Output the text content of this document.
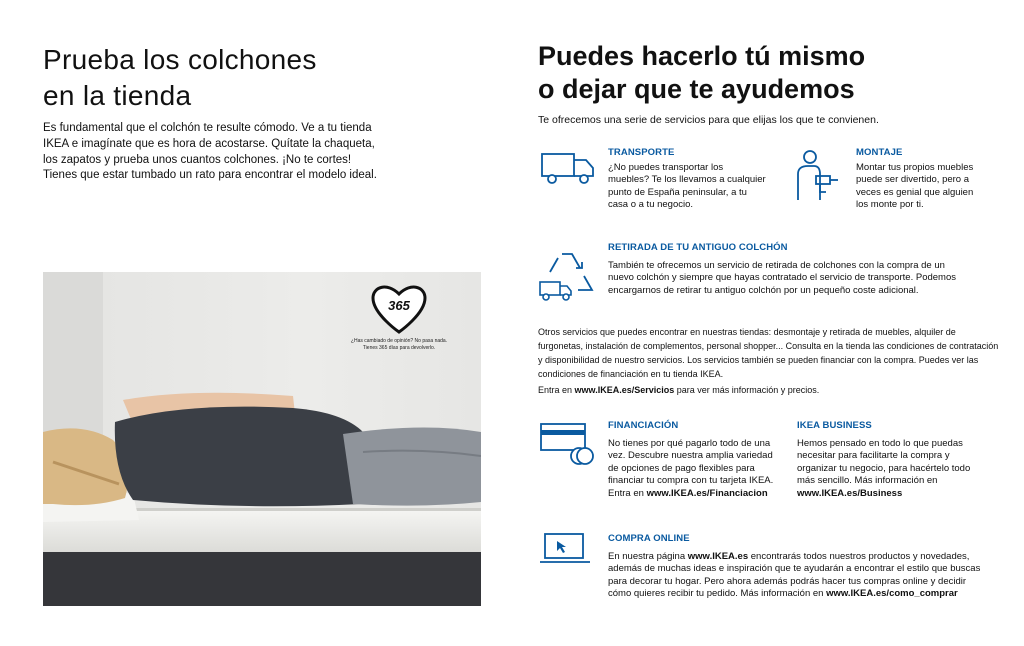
Prueba los colchones
en la tienda

Es fundamental que el colchón te resulte cómodo. Ve a tu tienda
IKEA e imagínate que es hora de acostarse. Quítate la chaqueta,
los zapatos y prueba unos cuantos colchones. ¡No te cortes!
Tienes que estar tumbado un rato para encontrar el modelo ideal.

365
¿Has cambiado de opinión? No pasa nada.
Tienes 365 días para devolverlo.
Puedes hacerlo tú mismo
o dejar que te ayudemos

Te ofrecemos una serie de servicios para que elijas los que te convienen.

TRANSPORTE

¿No puedes transportar los
muebles? Te los llevamos a cualquier
punto de España peninsular, a tu
casa o a tu negocio.

MONTAJE

Montar tus propios muebles
puede ser divertido, pero a
veces es genial que alguien
los monte por ti.

RETIRADA DE TU ANTIGUO COLCHÓN

También te ofrecemos un servicio de retirada de colchones con la compra de un
nuevo colchón y siempre que hayas contratado el servicio de transporte. Podemos
encargarnos de retirar tu antiguo colchón por un pequeño coste adicional.

Otros servicios que puedes encontrar en nuestras tiendas: desmontaje y retirada de muebles, alquiler de
furgonetas, instalación de complementos, personal shopper... Consulta en la tienda las condiciones de contratación
y disponibilidad de nuestro servicios. Los servicios también se pueden financiar con la compra. Puedes ver las
condiciones de financiación en tu tienda IKEA.

Entra en www.IKEA.es/Servicios para ver más información y precios.

FINANCIACIÓN

No tienes por qué pagarlo todo de una
vez. Descubre nuestra amplia variedad
de opciones de pago flexibles para
financiar tu compra con tu tarjeta IKEA.
Entra en www.IKEA.es/Financiacion

IKEA BUSINESS

Hemos pensado en todo lo que puedas
necesitar para facilitarte la compra y
organizar tu negocio, para hacértelo todo
más sencillo. Más información en
www.IKEA.es/Business

COMPRA ONLINE

En nuestra página www.IKEA.es encontrarás todos nuestros productos y novedades,
además de muchas ideas e inspiración que te ayudarán a encontrar el estilo que buscas
para decorar tu hogar. Pero ahora además podrás hacer tus compras online y decidir
cómo quieres recibir tu pedido. Más información en www.IKEA.es/como_comprar
